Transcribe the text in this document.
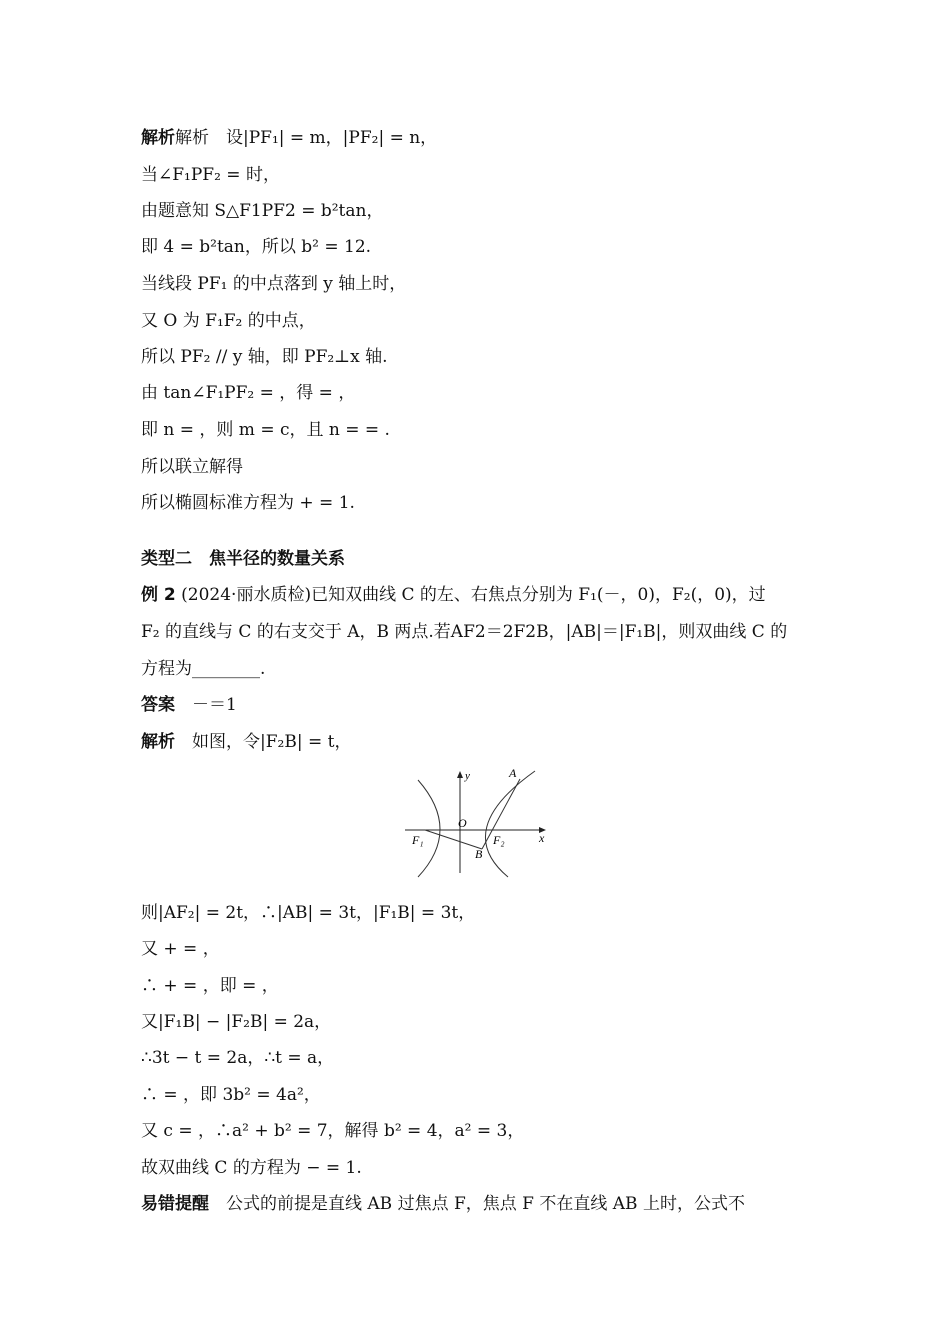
解析解析　设|PF₁| = m，|PF₂| = n，
当∠F₁PF₂ = 时，
由题意知 S△F1PF2 = b²tan，
即 4 = b²tan，所以 b² = 12.
当线段 PF₁ 的中点落到 y 轴上时，
又 O 为 F₁F₂ 的中点，
所以 PF₂ // y 轴，即 PF₂⊥x 轴.
由 tan∠F₁PF₂ = ，得 = ，
即 n = ，则 m = c，且 n = = .
所以联立解得
所以椭圆标准方程为 + = 1.
类型二　焦半径的数量关系
例 2 (2024·丽水质检)已知双曲线 C 的左、右焦点分别为 F₁(－，0)，F₂(，0)，过
F₂ 的直线与 C 的右支交于 A，B 两点.若AF2＝2F2B，|AB|＝|F₁B|，则双曲线 C 的
方程为________.
答案　－＝1
解析　如图，令|F₂B| = t，
y	A
O
F₁	F₂
B
x
则|AF₂| = 2t，∴|AB| = 3t，|F₁B| = 3t，
又 + = ，
∴ + = ，即 = ，
又|F₁B| − |F₂B| = 2a，
∴3t − t = 2a，∴t = a，
∴ = ，即 3b² = 4a²，
又 c = ，∴a² + b² = 7，解得 b² = 4，a² = 3，
故双曲线 C 的方程为 − = 1.
易错提醒　公式的前提是直线 AB 过焦点 F，焦点 F 不在直线 AB 上时，公式不
